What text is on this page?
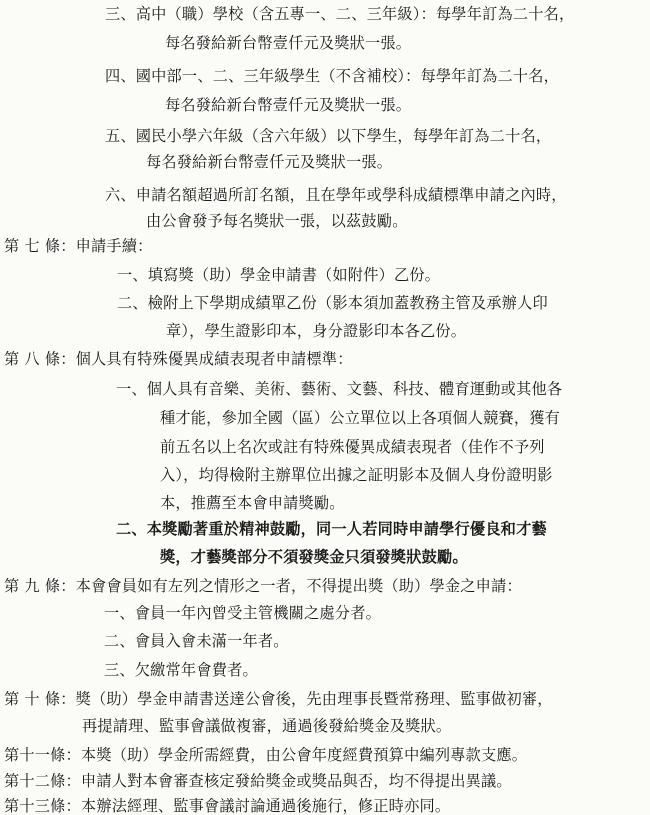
三、高中（職）學校（含五專一、二、三年級）：每學年訂為二十名，
每名發給新台幣壹仟元及獎狀一張。
四、國中部一、二、三年級學生（不含補校）：每學年訂為二十名，
每名發給新台幣壹仟元及獎狀一張。
五、國民小學六年級（含六年級）以下學生，每學年訂為二十名，
每名發給新台幣壹仟元及獎狀一張。
六、申請名額超過所訂名額，且在學年或學科成績標準申請之內時，
由公會發予每名獎狀一張，以茲鼓勵。
第 七 條：申請手續：
一、填寫獎（助）學金申請書（如附件）乙份。
二、檢附上下學期成績單乙份（影本須加蓋教務主管及承辦人印
章），學生證影印本，身分證影印本各乙份。
第 八 條：個人具有特殊優異成績表現者申請標準：
一、個人具有音樂、美術、藝術、文藝、科技、體育運動或其他各
種才能，參加全國（區）公立單位以上各項個人競賽，獲有
前五名以上名次或註有特殊優異成績表現者（佳作不予列
入），均得檢附主辦單位出據之証明影本及個人身份證明影
本，推薦至本會申請獎勵。
二、本獎勵著重於精神鼓勵，同一人若同時申請學行優良和才藝
獎，才藝獎部分不須發獎金只須發獎狀鼓勵。
第 九 條：本會會員如有左列之情形之一者，不得提出獎（助）學金之申請：
一、會員一年內曾受主管機關之處分者。
二、會員入會未滿一年者。
三、欠繳常年會費者。
第 十 條：獎（助）學金申請書送達公會後，先由理事長暨常務理、監事做初審，
再提請理、監事會議做複審，通過後發給獎金及獎狀。
第十一條：本獎（助）學金所需經費，由公會年度經費預算中編列專款支應。
第十二條：申請人對本會審查核定發給獎金或獎品與否，均不得提出異議。
第十三條：本辦法經理、監事會議討論通過後施行，修正時亦同。
